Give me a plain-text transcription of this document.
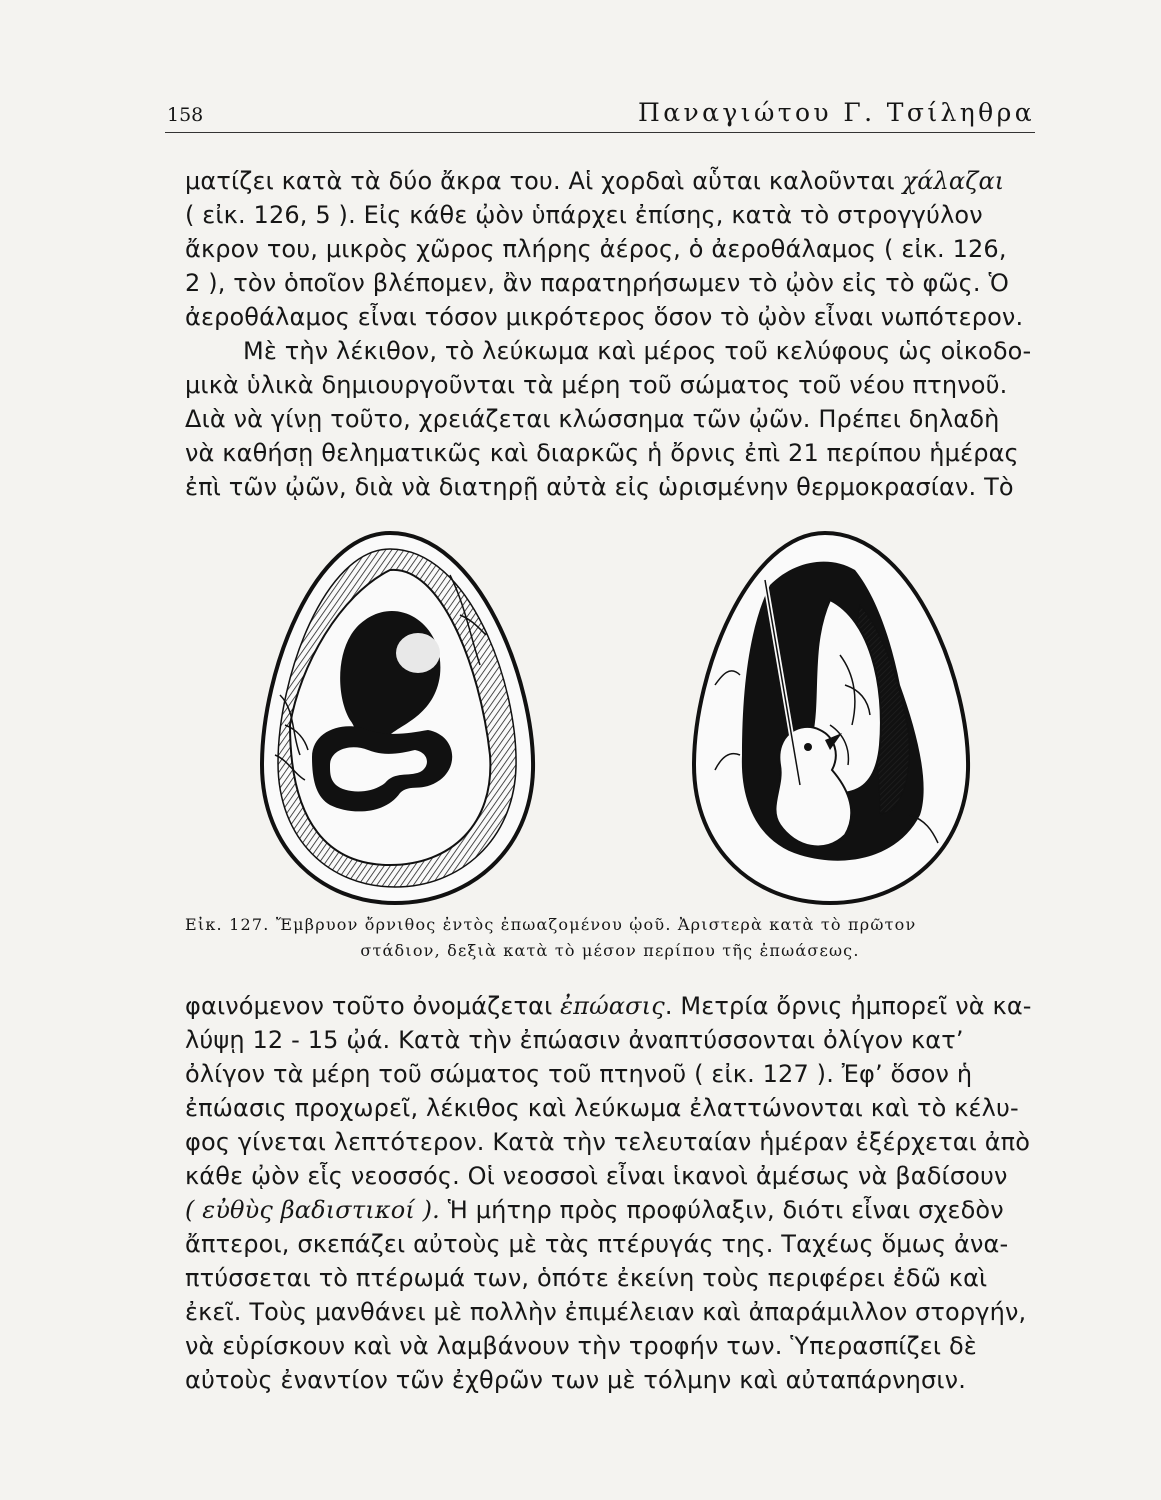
158	Παναγιώτου Γ. Τσίληθρα
ματίζει κατὰ τὰ δύο ἄκρα του. Αἱ χορδαὶ αὗται καλοῦνται χάλαζαι
( εἰκ. 126, 5 ). Εἰς κάθε ᾠὸν ὑπάρχει ἐπίσης, κατὰ τὸ στρογγύλον
ἄκρον του, μικρὸς χῶρος πλήρης ἀέρος, ὁ ἀεροθάλαμος ( εἰκ. 126,
2 ), τὸν ὁποῖον βλέπομεν, ἂν παρατηρήσωμεν τὸ ᾠὸν εἰς τὸ φῶς. Ὁ
ἀεροθάλαμος εἶναι τόσον μικρότερος ὅσον τὸ ᾠὸν εἶναι νωπότερον.
Μὲ τὴν λέκιθον, τὸ λεύκωμα καὶ μέρος τοῦ κελύφους ὡς οἰκοδο-
μικὰ ὑλικὰ δημιουργοῦνται τὰ μέρη τοῦ σώματος τοῦ νέου πτηνοῦ.
Διὰ νὰ γίνῃ τοῦτο, χρειάζεται κλώσσημα τῶν ᾠῶν. Πρέπει δηλαδὴ
νὰ καθήσῃ θεληματικῶς καὶ διαρκῶς ἡ ὄρνις ἐπὶ 21 περίπου ἡμέρας
ἐπὶ τῶν ᾠῶν, διὰ νὰ διατηρῇ αὐτὰ εἰς ὡρισμένην θερμοκρασίαν. Τὸ
Εἰκ. 127. Ἔμβρυον ὄρνιθος ἐντὸς ἐπωαζομένου ᾠοῦ. Ἀριστερὰ κατὰ τὸ πρῶτον
στάδιον, δεξιὰ κατὰ τὸ μέσον περίπου τῆς ἐπωάσεως.
φαινόμενον τοῦτο ὀνομάζεται ἐπώασις. Μετρία ὄρνις ἠμπορεῖ νὰ κα-
λύψῃ 12 - 15 ᾠά. Κατὰ τὴν ἐπώασιν ἀναπτύσσονται ὀλίγον κατ’
ὀλίγον τὰ μέρη τοῦ σώματος τοῦ πτηνοῦ ( εἰκ. 127 ). Ἐφ’ ὅσον ἡ
ἐπώασις προχωρεῖ, λέκιθος καὶ λεύκωμα ἐλαττώνονται καὶ τὸ κέλυ-
φος γίνεται λεπτότερον. Κατὰ τὴν τελευταίαν ἡμέραν ἐξέρχεται ἀπὸ
κάθε ᾠὸν εἷς νεοσσός. Οἱ νεοσσοὶ εἶναι ἱκανοὶ ἀμέσως νὰ βαδίσουν
( εὐθὺς βαδιστικοί ). Ἡ μήτηρ πρὸς προφύλαξιν, διότι εἶναι σχεδὸν
ἄπτεροι, σκεπάζει αὐτοὺς μὲ τὰς πτέρυγάς της. Ταχέως ὅμως ἀνα-
πτύσσεται τὸ πτέρωμά των, ὁπότε ἐκείνη τοὺς περιφέρει ἐδῶ καὶ
ἐκεῖ. Τοὺς μανθάνει μὲ πολλὴν ἐπιμέλειαν καὶ ἀπαράμιλλον στοργήν,
νὰ εὑρίσκουν καὶ νὰ λαμβάνουν τὴν τροφήν των. Ὑπερασπίζει δὲ
αὐτοὺς ἐναντίον τῶν ἐχθρῶν των μὲ τόλμην καὶ αὐταπάρνησιν.
